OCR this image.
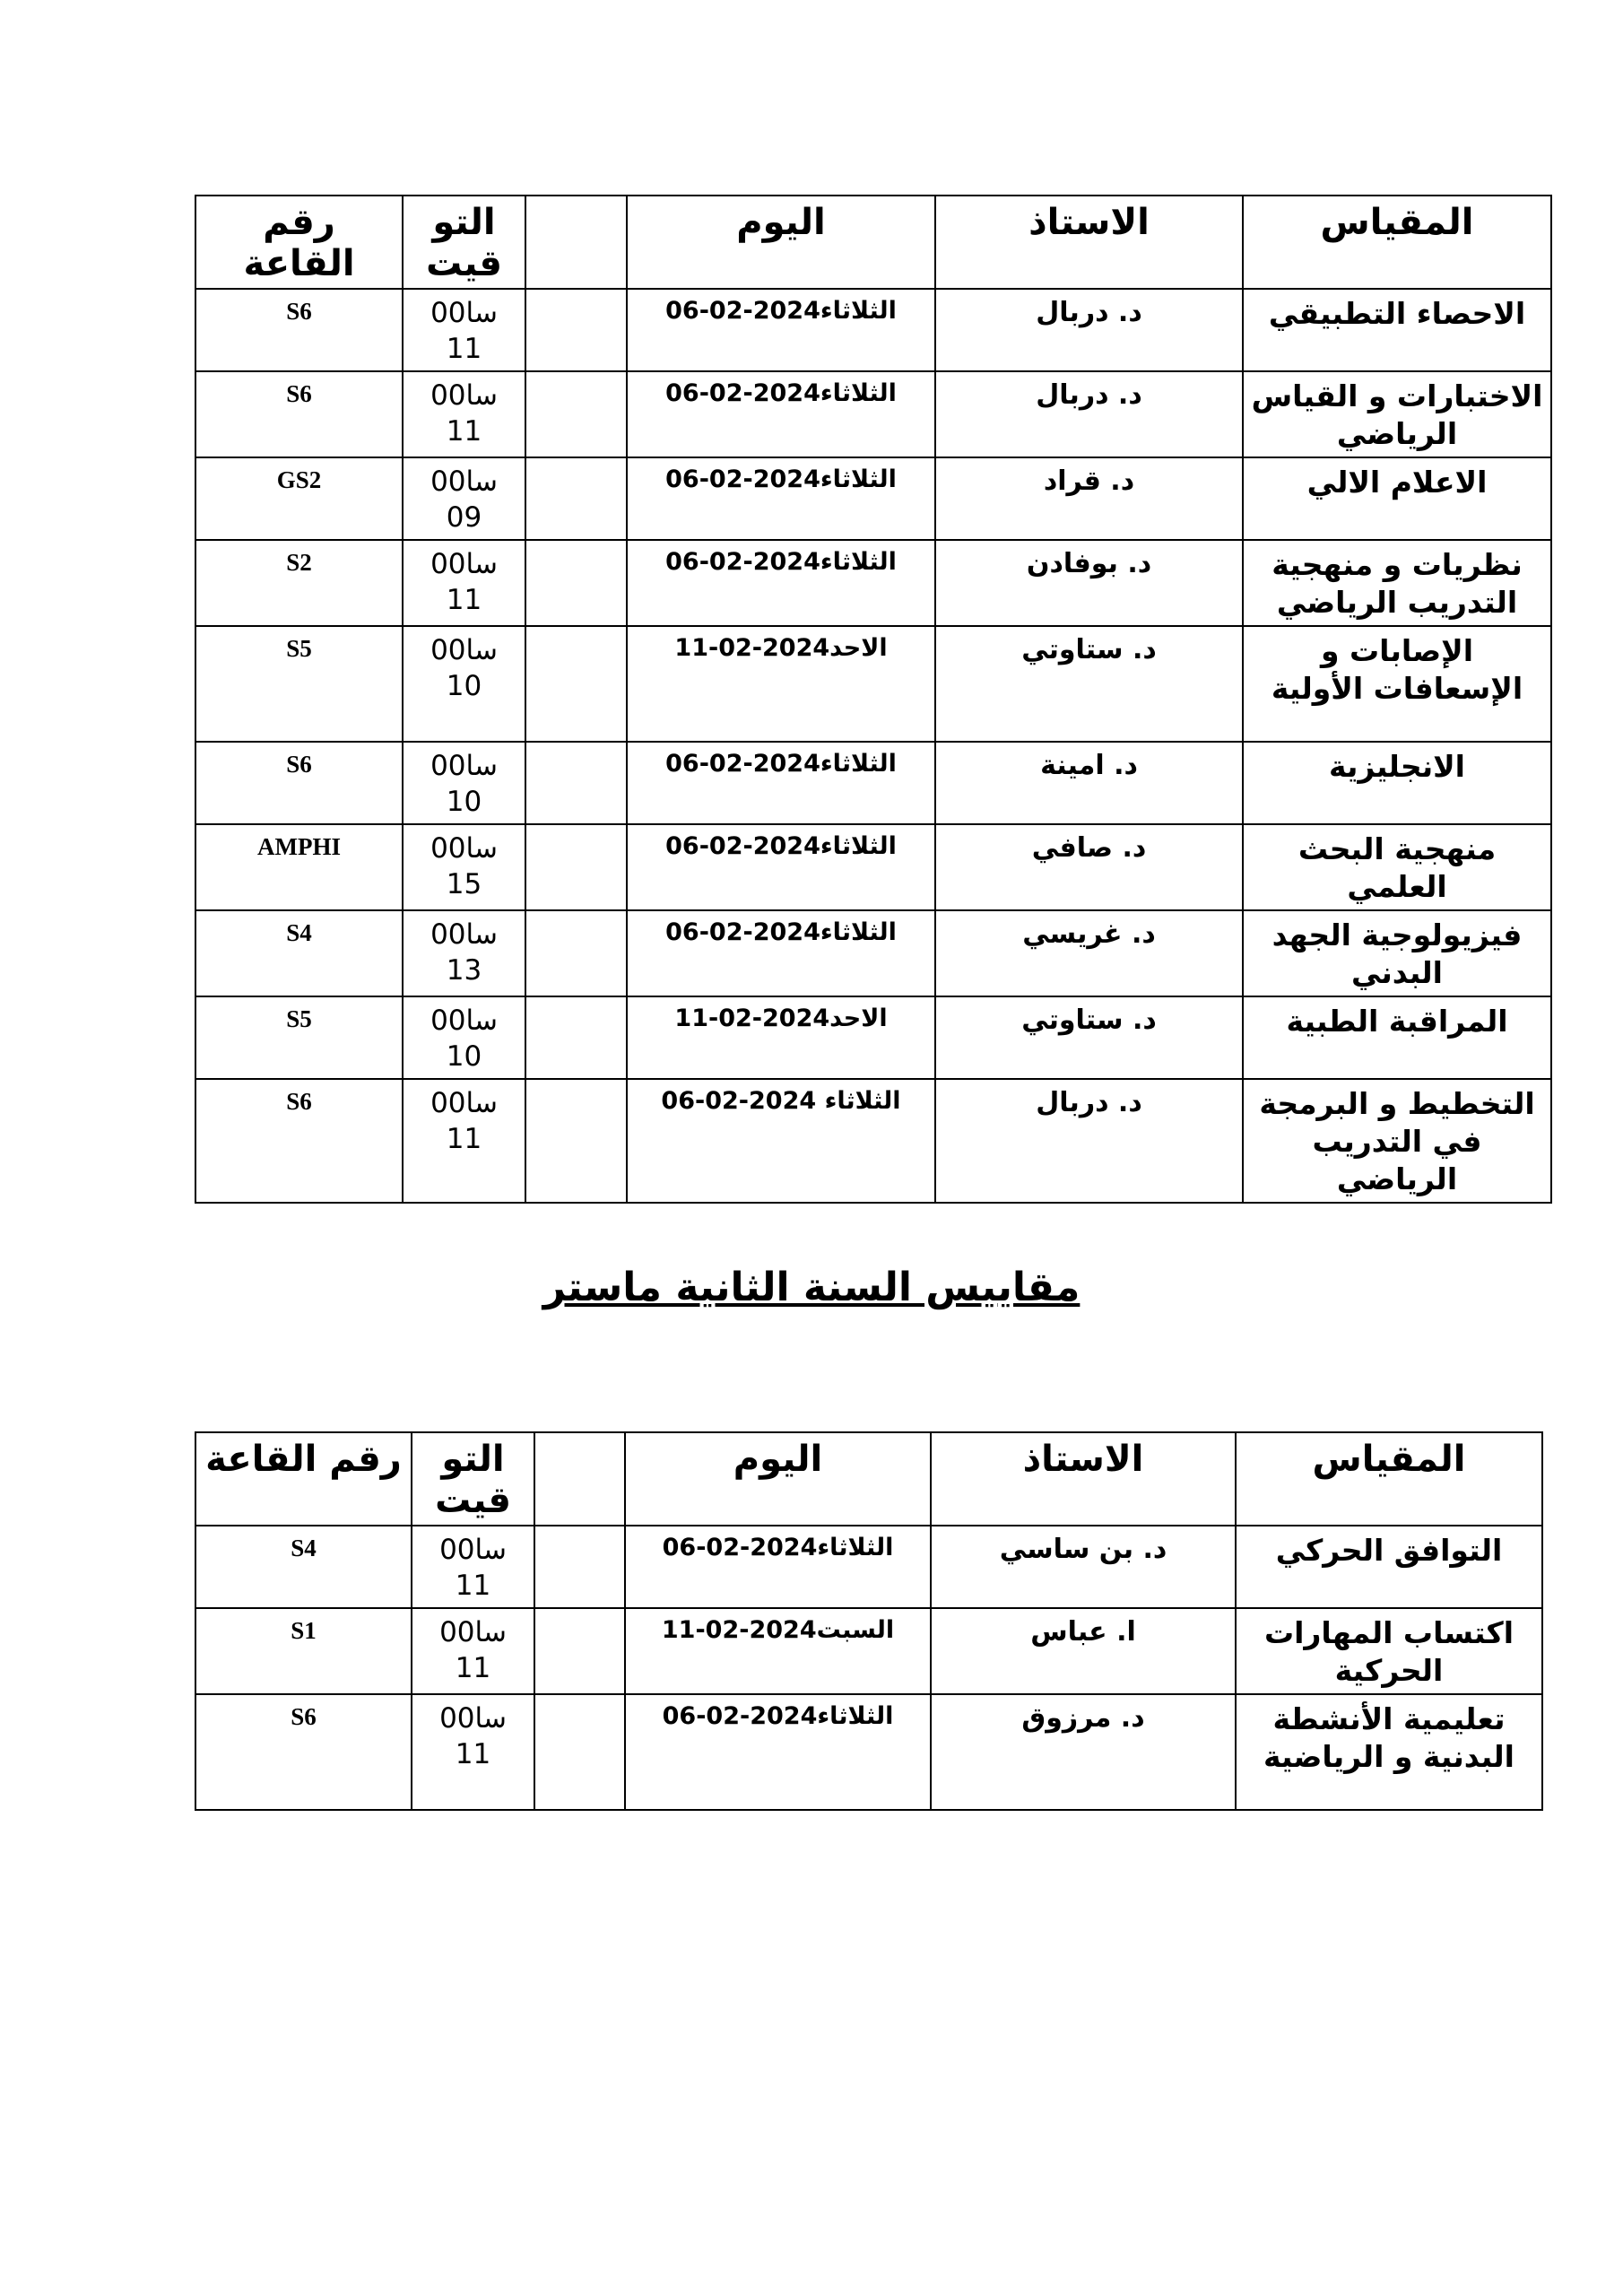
المقياس	الاستاذ	اليوم		التو قيت	رقم القاعة
الاحصاء التطبيقي	د. دربال	الثلاثاء2024-02-06		سا00 11	S6
الاختبارات و القياس الرياضي	د. دربال	الثلاثاء2024-02-06		سا00 11	S6
الاعلام الالي	د. قراد	الثلاثاء2024-02-06		سا00 09	GS2
نظريات و منهجية التدريب الرياضي	د. بوفادن	الثلاثاء2024-02-06		سا00 11	S2
الإصابات و الإسعافات الأولية	د. ستاوتي	الاحد2024-02-11		سا00 10	S5
الانجليزية	د. امينة	الثلاثاء2024-02-06		سا00 10	S6
منهجية البحث العلمي	د. صافي	الثلاثاء2024-02-06		سا00 15	AMPHI
فيزيولوجية الجهد البدني	د. غريسي	الثلاثاء2024-02-06		سا00 13	S4
المراقبة الطبية	د. ستاوتي	الاحد2024-02-11		سا00 10	S5
التخطيط و البرمجة في التدريب الرياضي	د. دربال	الثلاثاء 2024-02-06		سا00 11	S6
مقاييس السنة الثانية ماستر
المقياس	الاستاذ	اليوم		التو قيت	رقم القاعة
التوافق الحركي	د. بن ساسي	الثلاثاء2024-02-06		سا00 11	S4
اكتساب المهارات الحركية	ا. عباس	السبت2024-02-11		سا00 11	S1
تعليمية الأنشطة البدنية و الرياضية	د. مرزوق	الثلاثاء2024-02-06		سا00 11	S6
